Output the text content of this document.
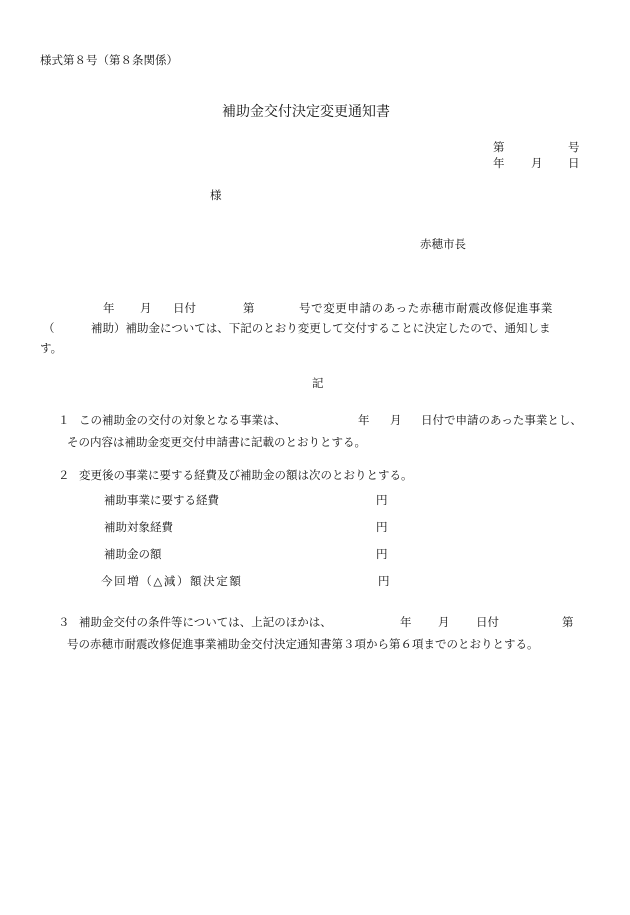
様式第８号（第８条関係）
補助金交付決定変更通知書
第	号
年 月 日
様
赤穂市長
年 月 日付	第	号で変更申請のあった赤穂市耐震改修促進事業
（	補助）補助金については、下記のとおり変更して交付することに決定したので、通知しま
す。
記
１ この補助金の交付の対象となる事業は、	年 月 日付で申請のあった事業とし、
その内容は補助金変更交付申請書に記載のとおりとする。
２ 変更後の事業に要する経費及び補助金の額は次のとおりとする。
補助事業に要する経費	円
補助対象経費	円
補助金の額	円
今回増（△減）額決定額	円
３ 補助金交付の条件等については、上記のほかは、	年 月 日付	第
号の赤穂市耐震改修促進事業補助金交付決定通知書第３項から第６項までのとおりとする。
